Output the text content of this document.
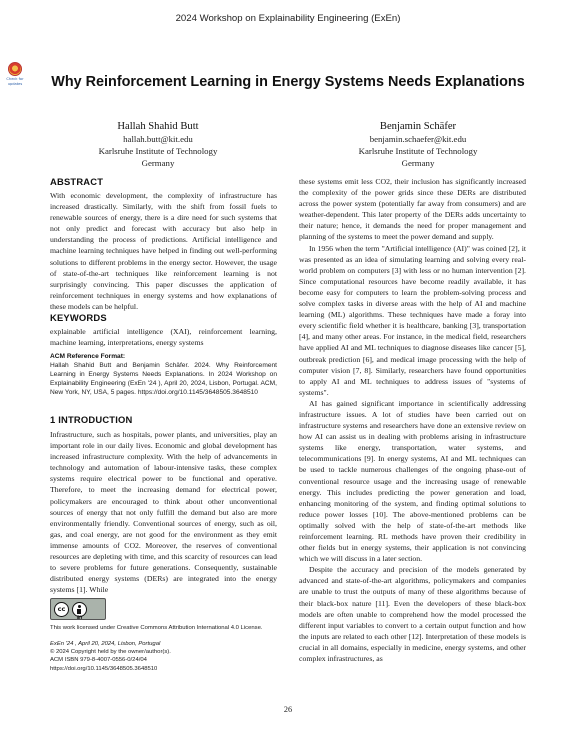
2024 Workshop on Explainability Engineering (ExEn)
Check for
updates	Why Reinforcement Learning in Energy Systems Needs Explanations
Hallah Shahid Butt
hallah.butt@kit.edu
Karlsruhe Institute of Technology
Germany
Benjamin Schäfer
benjamin.schaefer@kit.edu
Karlsruhe Institute of Technology
Germany
ABSTRACT

With economic development, the complexity of infrastructure has increased drastically. Similarly, with the shift from fossil fuels to renewable sources of energy, there is a dire need for such systems that not only predict and forecast with accuracy but also help in understanding the process of predictions. Artificial intelligence and machine learning techniques have helped in finding out well-performing solutions to different problems in the energy sector. However, the usage of state-of-the-art techniques like reinforcement learning is not surprisingly convincing. This paper discusses the application of reinforcement techniques in energy systems and how explanations of these models can be helpful.

KEYWORDS

explainable artificial intelligence (XAI), reinforcement learning, machine learning, interpretations, energy systems

ACM Reference Format:

Hallah Shahid Butt and Benjamin Schäfer. 2024. Why Reinforcement Learning in Energy Systems Needs Explanations. In 2024 Workshop on Explainability Engineering (ExEn '24 ), April 20, 2024, Lisbon, Portugal. ACM, New York, NY, USA, 5 pages. https://doi.org/10.1145/3648505.3648510

1 INTRODUCTION

Infrastructure, such as hospitals, power plants, and universities, play an important role in our daily lives. Economic and global development has increased infrastructure complexity. With the help of advancements in technology and automation of labour-intensive tasks, these complex systems require electrical power to be functional and operative. Therefore, to meet the increasing demand for electrical power, policymakers are encouraged to think about other unconventional sources of energy that not only fulfill the demand but also are more environmentally friendly. Conventional sources of energy, such as oil, gas, and coal energy, are not good for the environment as they emit immense amounts of CO2. Moreover, the reserves of conventional resources are depleting with time, and this scarcity of resources can lead to severe problems for future generations. Consequently, sustainable distributed energy systems (DERs) are integrated into the energy systems [1]. While

cc
BY
This work licensed under Creative Commons Attribution International 4.0 License.
ExEn '24 , April 20, 2024, Lisbon, Portugal
© 2024 Copyright held by the owner/author(s).
ACM ISBN 979-8-4007-0556-0/24/04
https://doi.org/10.1145/3648505.3648510

these systems emit less CO2, their inclusion has significantly increased the complexity of the power grids since these DERs are distributed across the power system (potentially far away from consumers) and are weather-dependent. This later property of the DERs adds uncertainty to their nature; hence, it demands the need for proper management and planning of the systems to meet the power demand and supply.

In 1956 when the term "Artificial intelligence (AI)" was coined [2], it was presented as an idea of simulating learning and solving every real-world problem on computers [3] with less or no human intervention [2]. Since computational resources have become readily available, it has become easy for computers to learn the problem-solving process and solve complex tasks in diverse areas with the help of AI and machine learning (ML) algorithms. These techniques have made a foray into every scientific field whether it is healthcare, banking [3], transportation [4], and many other areas. For instance, in the medical field, researchers have applied AI and ML techniques to diagnose diseases like cancer [5], outbreak prediction [6], and medical image processing with the help of computer vision [7, 8]. Similarly, researchers have found opportunities to apply AI and ML techniques to address issues of "systems of systems".

AI has gained significant importance in scientifically addressing infrastructure issues. A lot of studies have been carried out on infrastructure systems and researchers have done an extensive review on how AI can assist us in dealing with problems arising in infrastructure systems like energy, transportation, water systems, and telecommunications [9]. In energy systems, AI and ML techniques can be used to tackle numerous challenges of the ongoing phase-out of conventional resource usage and the increasing usage of renewable energy. This includes predicting the power generation and load, enhancing monitoring of the system, and finding optimal solutions to reduce power losses [10]. The above-mentioned problems can be optimally solved with the help of state-of-the-art methods like reinforcement learning. RL methods have proven their credibility in other fields but in energy systems, their application is not convincing which we will discuss in a later section.

Despite the accuracy and precision of the models generated by advanced and state-of-the-art algorithms, policymakers and companies are unable to trust the outputs of many of these algorithms because of their black-box nature [11]. Even the developers of these black-box models are often unable to comprehend how the model processed the different input variables to convert to a certain output function and how the inputs are related to each other [12]. Interpretation of these models is crucial in all domains, especially in medicine, energy systems, and other complex infrastructures, as

26
